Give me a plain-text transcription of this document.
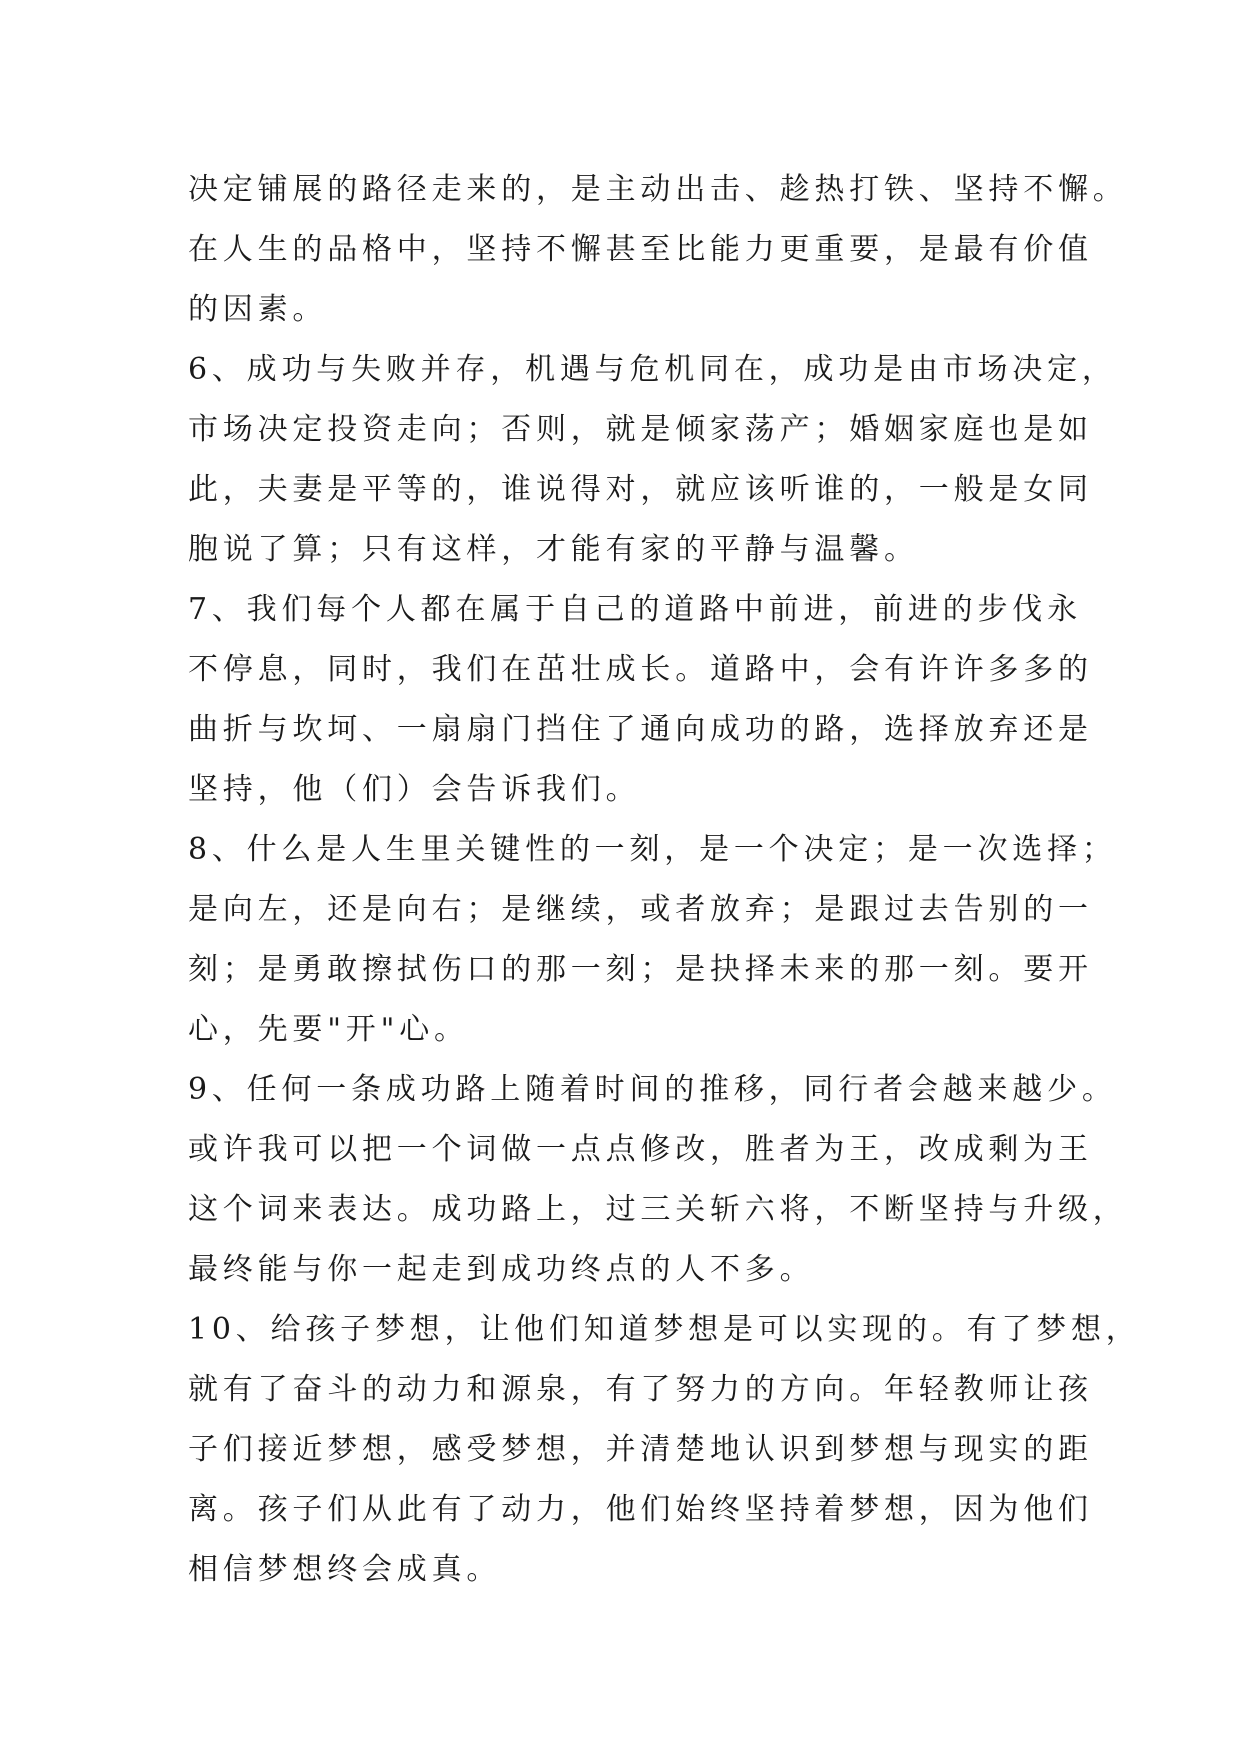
决定铺展的路径走来的，是主动出击、趁热打铁、坚持不懈。
在人生的品格中，坚持不懈甚至比能力更重要，是最有价值
的因素。
6、成功与失败并存，机遇与危机同在，成功是由市场决定，
市场决定投资走向；否则，就是倾家荡产；婚姻家庭也是如
此，夫妻是平等的，谁说得对，就应该听谁的，一般是女同
胞说了算；只有这样，才能有家的平静与温馨。
7、我们每个人都在属于自己的道路中前进，前进的步伐永
不停息，同时，我们在茁壮成长。道路中，会有许许多多的
曲折与坎坷、一扇扇门挡住了通向成功的路，选择放弃还是
坚持，他（们）会告诉我们。
8、什么是人生里关键性的一刻，是一个决定；是一次选择；
是向左，还是向右；是继续，或者放弃；是跟过去告别的一
刻；是勇敢擦拭伤口的那一刻；是抉择未来的那一刻。要开
心，先要"开"心。
9、任何一条成功路上随着时间的推移，同行者会越来越少。
或许我可以把一个词做一点点修改，胜者为王，改成剩为王
这个词来表达。成功路上，过三关斩六将，不断坚持与升级，
最终能与你一起走到成功终点的人不多。
10、给孩子梦想，让他们知道梦想是可以实现的。有了梦想，
就有了奋斗的动力和源泉，有了努力的方向。年轻教师让孩
子们接近梦想，感受梦想，并清楚地认识到梦想与现实的距
离。孩子们从此有了动力，他们始终坚持着梦想，因为他们
相信梦想终会成真。
